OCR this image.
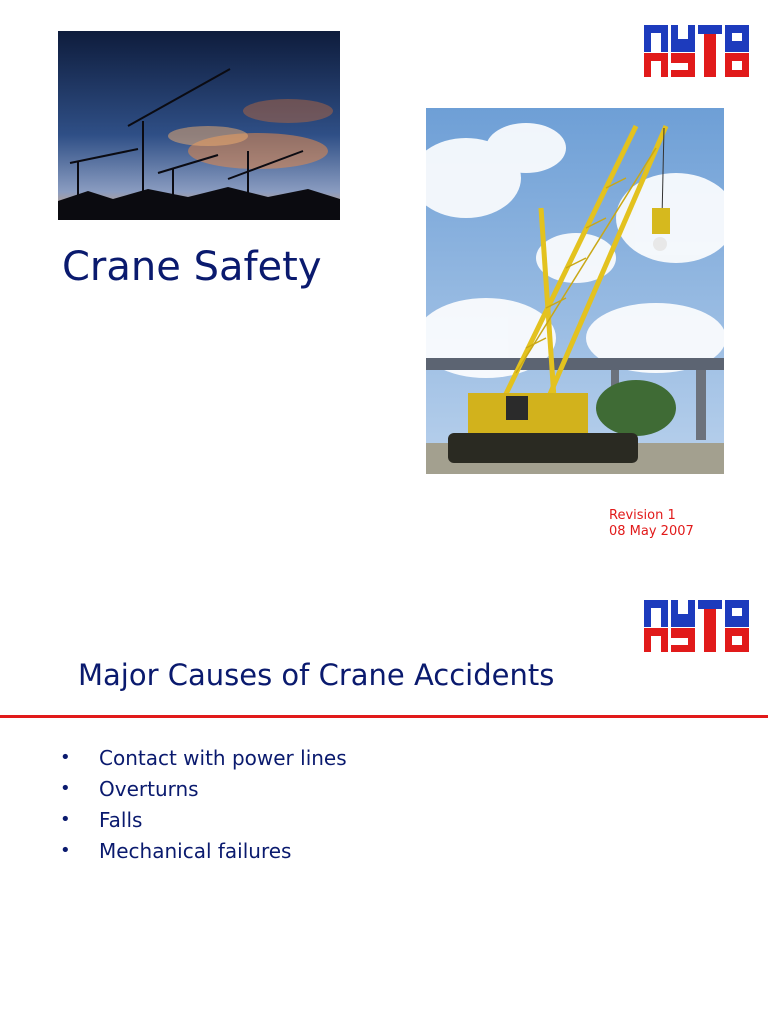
Crane Safety
Revision 1
08 May 2007
Major Causes of Crane Accidents
•	Contact with power lines
•	Overturns
•	Falls
•	Mechanical failures
